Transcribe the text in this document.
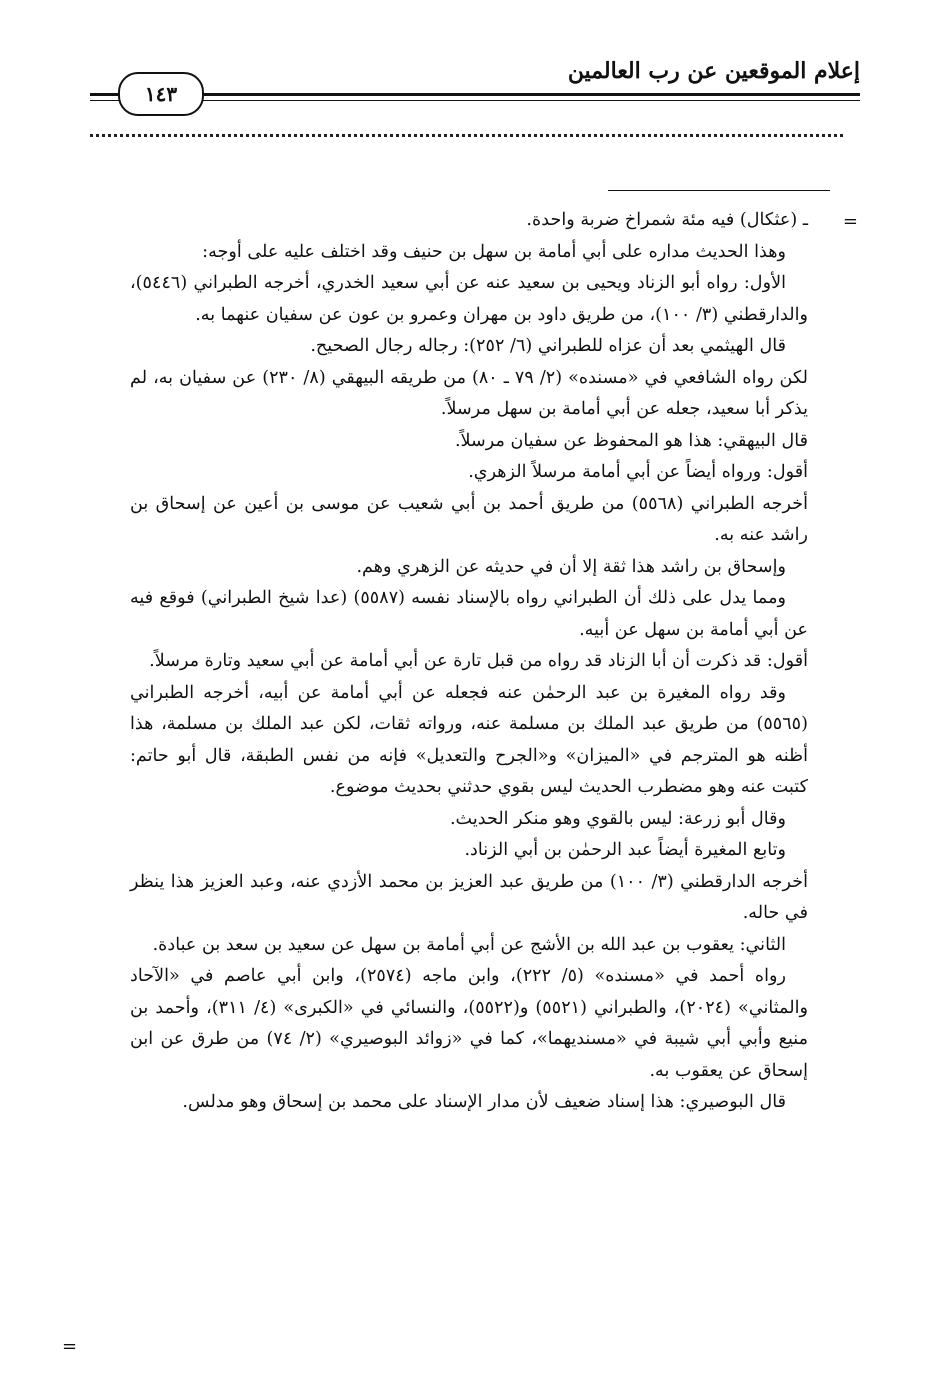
إعلام الموقعين عن رب العالمين
١٤٣
=
=

ـ (عثكال) فيه مئة شمراخ ضربة واحدة.

وهذا الحديث مداره على أبي أمامة بن سهل بن حنيف وقد اختلف عليه على أوجه:

الأول: رواه أبو الزناد ويحيى بن سعيد عنه عن أبي سعيد الخدري، أخرجه الطبراني (٥٤٤٦)، والدارقطني (٣/ ١٠٠)، من طريق داود بن مهران وعمرو بن عون عن سفيان عنهما به.

قال الهيثمي بعد أن عزاه للطبراني (٦/ ٢٥٢): رجاله رجال الصحيح.

لكن رواه الشافعي في «مسنده» (٢/ ٧٩ ـ ٨٠) من طريقه البيهقي (٨/ ٢٣٠) عن سفيان به، لم يذكر أبا سعيد، جعله عن أبي أمامة بن سهل مرسلاً.

قال البيهقي: هذا هو المحفوظ عن سفيان مرسلاً.

أقول: ورواه أيضاً عن أبي أمامة مرسلاً الزهري.

أخرجه الطبراني (٥٥٦٨) من طريق أحمد بن أبي شعيب عن موسى بن أعين عن إسحاق بن راشد عنه به.

وإسحاق بن راشد هذا ثقة إلا أن في حديثه عن الزهري وهم.

ومما يدل على ذلك أن الطبراني رواه بالإسناد نفسه (٥٥٨٧) (عدا شيخ الطبراني) فوقع فيه عن أبي أمامة بن سهل عن أبيه.

أقول: قد ذكرت أن أبا الزناد قد رواه من قبل تارة عن أبي أمامة عن أبي سعيد وتارة مرسلاً.

وقد رواه المغيرة بن عبد الرحمٰن عنه فجعله عن أبي أمامة عن أبيه، أخرجه الطبراني (٥٥٦٥) من طريق عبد الملك بن مسلمة عنه، ورواته ثقات، لكن عبد الملك بن مسلمة، هذا أظنه هو المترجم في «الميزان» و«الجرح والتعديل» فإنه من نفس الطبقة، قال أبو حاتم: كتبت عنه وهو مضطرب الحديث ليس بقوي حدثني بحديث موضوع.

وقال أبو زرعة: ليس بالقوي وهو منكر الحديث.

وتابع المغيرة أيضاً عبد الرحمٰن بن أبي الزناد.

أخرجه الدارقطني (٣/ ١٠٠) من طريق عبد العزيز بن محمد الأزدي عنه، وعبد العزيز هذا ينظر في حاله.

الثاني: يعقوب بن عبد الله بن الأشج عن أبي أمامة بن سهل عن سعيد بن سعد بن عبادة.

رواه أحمد في «مسنده» (٥/ ٢٢٢)، وابن ماجه (٢٥٧٤)، وابن أبي عاصم في «الآحاد والمثاني» (٢٠٢٤)، والطبراني (٥٥٢١) و(٥٥٢٢)، والنسائي في «الكبرى» (٤/ ٣١١)، وأحمد بن منيع وأبي أبي شيبة في «مسنديهما»، كما في «زوائد البوصيري» (٢/ ٧٤) من طرق عن ابن إسحاق عن يعقوب به.

قال البوصيري: هذا إسناد ضعيف لأن مدار الإسناد على محمد بن إسحاق وهو مدلس.
